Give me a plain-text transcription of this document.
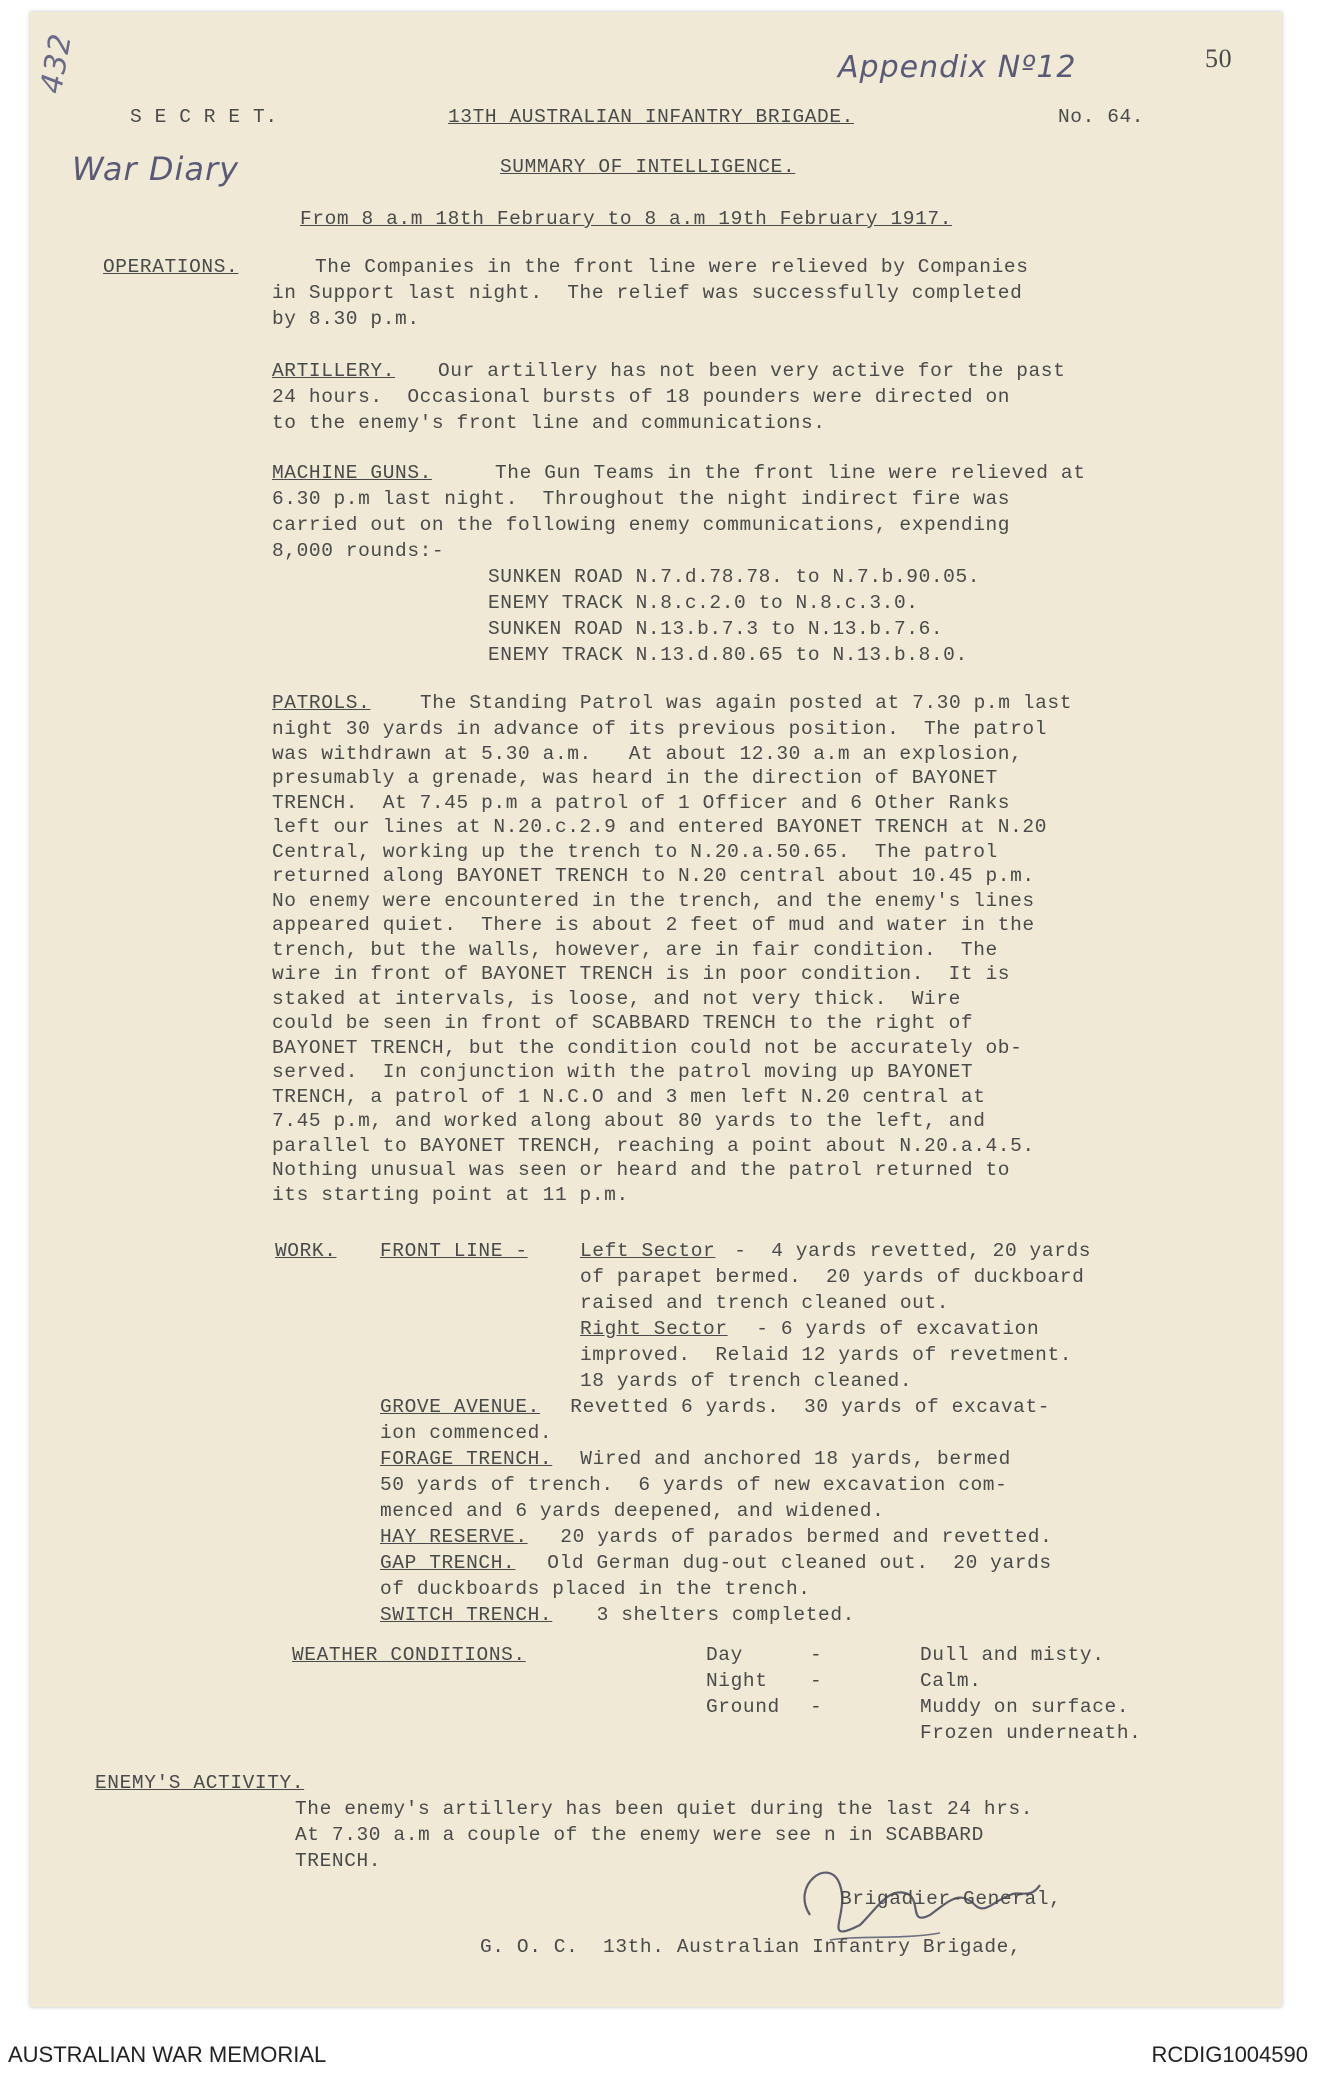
Appendix Nº12	50
432
War Diary
S E C R E T.	13TH AUSTRALIAN INFANTRY BRIGADE.	No. 64.
SUMMARY OF INTELLIGENCE.
From 8 a.m 18th February to 8 a.m 19th February 1917.
OPERATIONS.	The Companies in the front line were relieved by Companies
in Support last night.  The relief was successfully completed
by 8.30 p.m.
ARTILLERY. Our artillery has not been very active for the past
24 hours.  Occasional bursts of 18 pounders were directed on
to the enemy's front line and communications.
MACHINE GUNS.	The Gun Teams in the front line were relieved at
6.30 p.m last night.  Throughout the night indirect fire was
carried out on the following enemy communications, expending
8,000 rounds:-
SUNKEN ROAD N.7.d.78.78. to N.7.b.90.05.
ENEMY TRACK N.8.c.2.0 to N.8.c.3.0.
SUNKEN ROAD N.13.b.7.3 to N.13.b.7.6.
ENEMY TRACK N.13.d.80.65 to N.13.b.8.0.
PATROLS.	The Standing Patrol was again posted at 7.30 p.m last
night 30 yards in advance of its previous position.  The patrol
was withdrawn at 5.30 a.m.   At about 12.30 a.m an explosion,
presumably a grenade, was heard in the direction of BAYONET
TRENCH.  At 7.45 p.m a patrol of 1 Officer and 6 Other Ranks
left our lines at N.20.c.2.9 and entered BAYONET TRENCH at N.20
Central, working up the trench to N.20.a.50.65.  The patrol
returned along BAYONET TRENCH to N.20 central about 10.45 p.m.
No enemy were encountered in the trench, and the enemy's lines
appeared quiet.  There is about 2 feet of mud and water in the
trench, but the walls, however, are in fair condition.  The
wire in front of BAYONET TRENCH is in poor condition.  It is
staked at intervals, is loose, and not very thick.  Wire
could be seen in front of SCABBARD TRENCH to the right of
BAYONET TRENCH, but the condition could not be accurately ob-
served.  In conjunction with the patrol moving up BAYONET
TRENCH, a patrol of 1 N.C.O and 3 men left N.20 central at
7.45 p.m, and worked along about 80 yards to the left, and
parallel to BAYONET TRENCH, reaching a point about N.20.a.4.5.
Nothing unusual was seen or heard and the patrol returned to
its starting point at 11 p.m.
WORK. FRONT LINE -	Left Sector -  4 yards revetted, 20 yards
of parapet bermed.  20 yards of duckboard
raised and trench cleaned out.
Right Sector - 6 yards of excavation
improved.  Relaid 12 yards of revetment.
18 yards of trench cleaned.
GROVE AVENUE. Revetted 6 yards.  30 yards of excavat-
ion commenced.
FORAGE TRENCH. Wired and anchored 18 yards, bermed
50 yards of trench.  6 yards of new excavation com-
menced and 6 yards deepened, and widened.
HAY RESERVE. 20 yards of parados bermed and revetted.
GAP TRENCH. Old German dug-out cleaned out.  20 yards
of duckboards placed in the trench.
SWITCH TRENCH. 3 shelters completed.
WEATHER CONDITIONS.	Day	-	Dull and misty.
Night -	Calm.
Ground -	Muddy on surface.
Frozen underneath.
ENEMY'S ACTIVITY.
The enemy's artillery has been quiet during the last 24 hrs.
At 7.30 a.m a couple of the enemy were see n in SCABBARD
TRENCH.
Brigadier-General,
G. O. C.  13th. Australian Infantry Brigade,
AUSTRALIAN WAR MEMORIAL	RCDIG1004590
